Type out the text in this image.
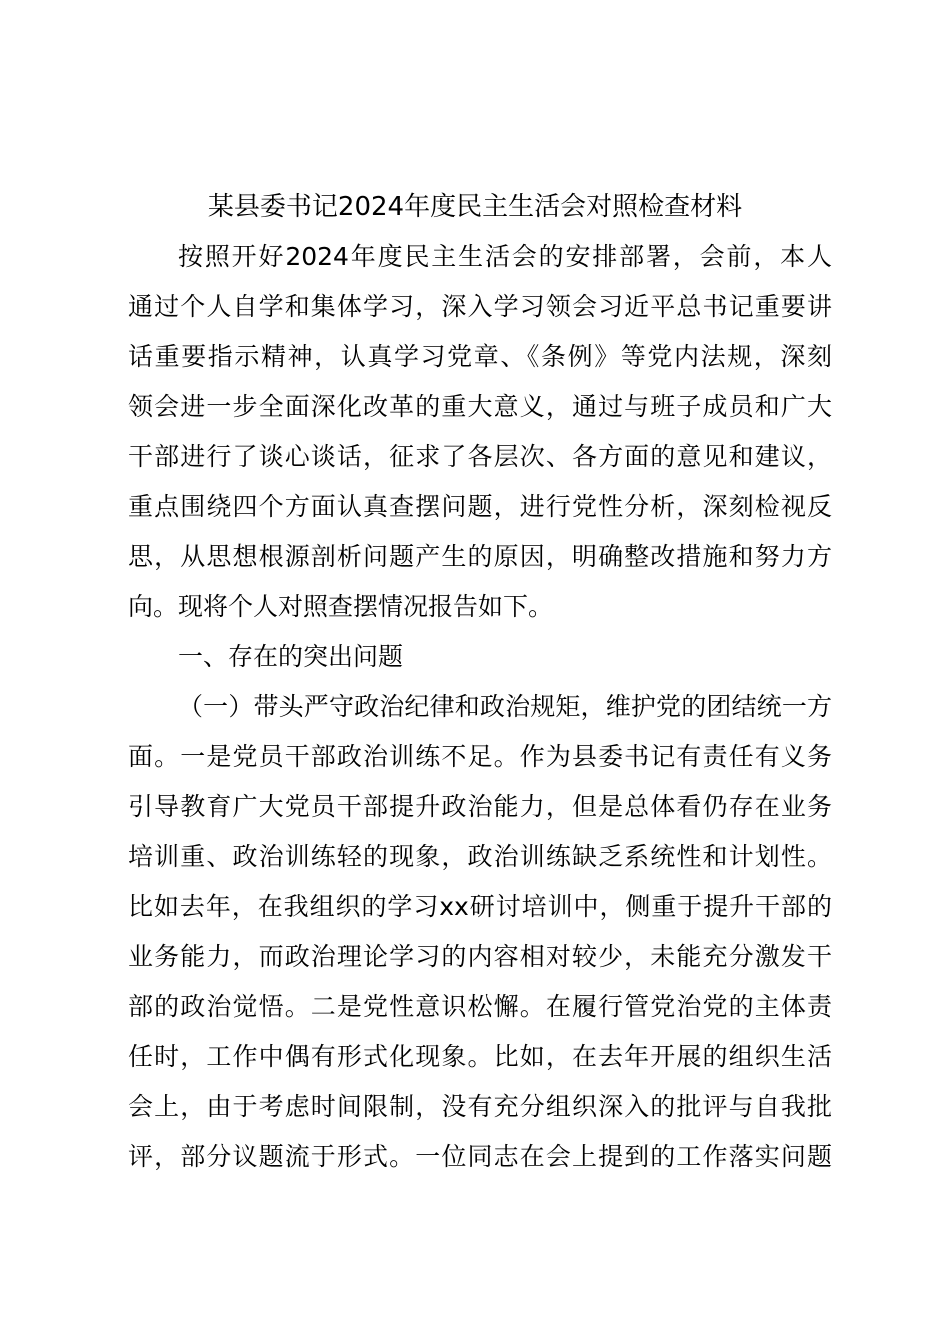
某县委书记2024年度民主生活会对照检查材料
按照开好2024年度民主生活会的安排部署，会前，本人
通过个人自学和集体学习，深入学习领会习近平总书记重要讲
话重要指示精神，认真学习党章、《条例》等党内法规，深刻
领会进一步全面深化改革的重大意义，通过与班子成员和广大
干部进行了谈心谈话，征求了各层次、各方面的意见和建议，
重点围绕四个方面认真查摆问题，进行党性分析，深刻检视反
思，从思想根源剖析问题产生的原因，明确整改措施和努力方
向。现将个人对照查摆情况报告如下。
一、存在的突出问题
（一）带头严守政治纪律和政治规矩，维护党的团结统一方
面。一是党员干部政治训练不足。作为县委书记有责任有义务
引导教育广大党员干部提升政治能力，但是总体看仍存在业务
培训重、政治训练轻的现象，政治训练缺乏系统性和计划性。
比如去年，在我组织的学习xx研讨培训中，侧重于提升干部的
业务能力，而政治理论学习的内容相对较少，未能充分激发干
部的政治觉悟。二是党性意识松懈。在履行管党治党的主体责
任时，工作中偶有形式化现象。比如，在去年开展的组织生活
会上，由于考虑时间限制，没有充分组织深入的批评与自我批
评，部分议题流于形式。一位同志在会上提到的工作落实问题
